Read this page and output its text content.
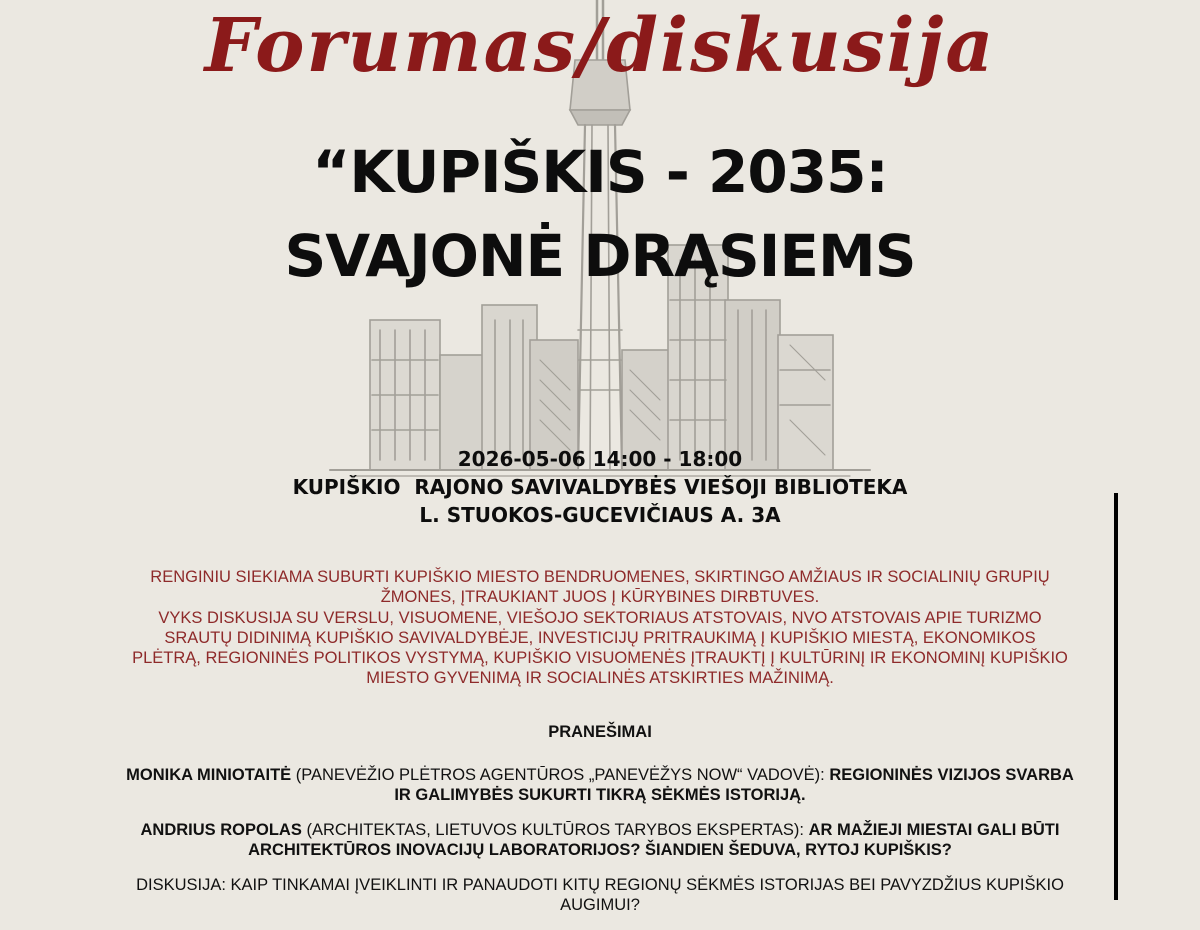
Forumas/diskusija
“KUPIŠKIS - 2035:
SVAJONĖ DRĄSIEMS
2026-05-06 14:00 - 18:00
KUPIŠKIO  RAJONO SAVIVALDYBĖS VIEŠOJI BIBLIOTEKA
L. STUOKOS-GUCEVIČIAUS A. 3A

RENGINIU SIEKIAMA SUBURTI KUPIŠKIO MIESTO BENDRUOMENES, SKIRTINGO AMŽIAUS IR SOCIALINIŲ GRUPIŲ ŽMONES, ĮTRAUKIANT JUOS Į KŪRYBINES DIRBTUVES.

VYKS DISKUSIJA SU VERSLU, VISUOMENE, VIEŠOJO SEKTORIAUS ATSTOVAIS, NVO ATSTOVAIS APIE TURIZMO SRAUTŲ DIDINIMĄ KUPIŠKIO SAVIVALDYBĖJE, INVESTICIJŲ PRITRAUKIMĄ Į KUPIŠKIO MIESTĄ, EKONOMIKOS PLĖTRĄ, REGIONINĖS POLITIKOS VYSTYMĄ, KUPIŠKIO VISUOMENĖS ĮTRAUKTĮ Į KULTŪRINĮ IR EKONOMINĮ KUPIŠKIO MIESTO GYVENIMĄ IR SOCIALINĖS ATSKIRTIES MAŽINIMĄ.

PRANEŠIMAI

MONIKA MINIOTAITĖ (PANEVĖŽIO PLĖTROS AGENTŪROS „PANEVĖŽYS NOW“ VADOVĖ): REGIONINĖS VIZIJOS SVARBA IR GALIMYBĖS SUKURTI TIKRĄ SĖKMĖS ISTORIJĄ.

ANDRIUS ROPOLAS (ARCHITEKTAS, LIETUVOS KULTŪROS TARYBOS EKSPERTAS): AR MAŽIEJI MIESTAI GALI BŪTI ARCHITEKTŪROS INOVACIJŲ LABORATORIJOS? ŠIANDIEN ŠEDUVA, RYTOJ KUPIŠKIS?

DISKUSIJA: KAIP TINKAMAI ĮVEIKLINTI IR PANAUDOTI KITŲ REGIONŲ SĖKMĖS ISTORIJAS BEI PAVYZDŽIUS KUPIŠKIO AUGIMUI?
